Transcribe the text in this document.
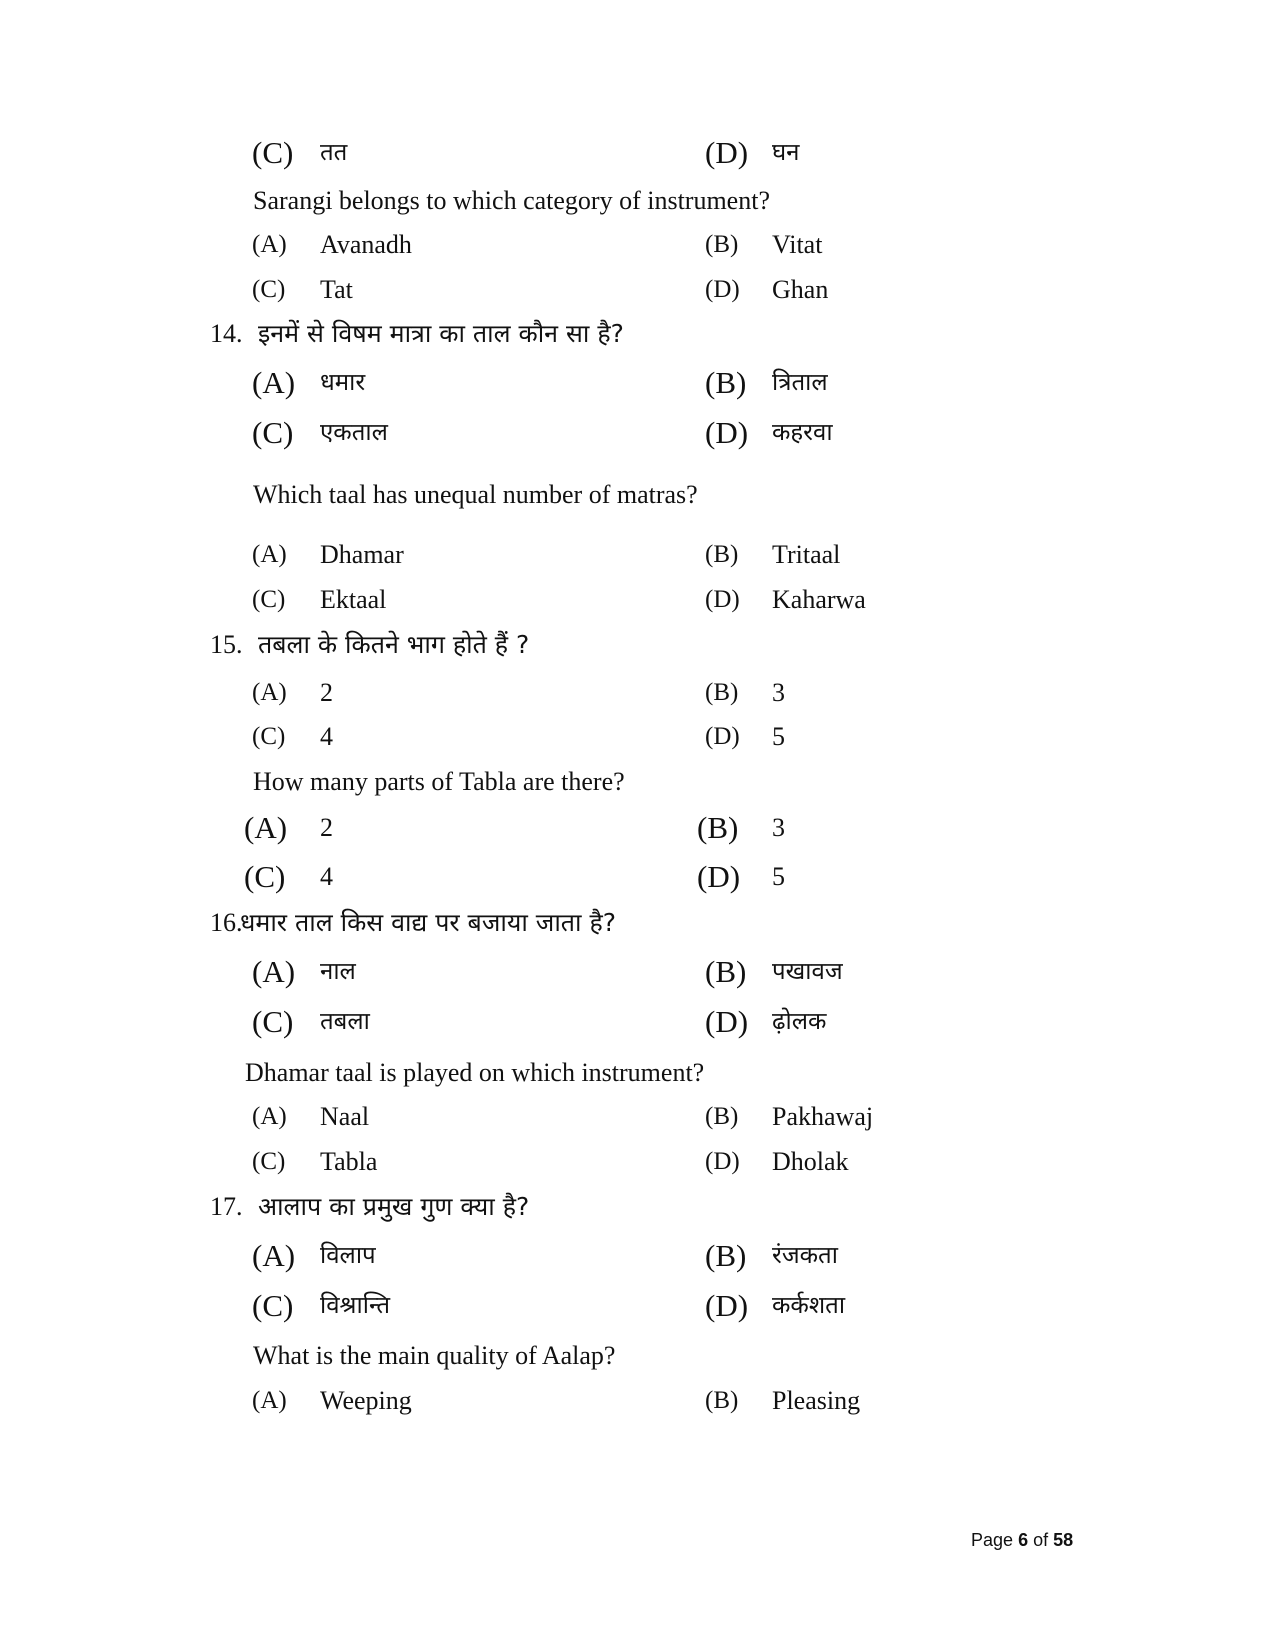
(C) तत	(D) घन
Sarangi belongs to which category of instrument?
(A) Avanadh	(B) Vitat
(C) Tat	(D) Ghan
14. इनमें से विषम मात्रा का ताल कौन सा है?
(A) धमार	(B) त्रिताल
(C) एकताल	(D) कहरवा
Which taal has unequal number of matras?
(A) Dhamar	(B) Tritaal
(C) Ektaal	(D) Kaharwa
15. तबला के कितने भाग होते हैं ?
(A) 2	(B) 3
(C) 4	(D) 5
How many parts of Tabla are there?
(A) 2	(B) 3
(C) 4	(D) 5
16.
धमार ताल किस वाद्य पर बजाया जाता है?
(A) नाल	(B) पखावज
(C) तबला	(D) ढ़ोलक
Dhamar taal is played on which instrument?
(A) Naal	(B) Pakhawaj
(C) Tabla	(D) Dholak
17. आलाप का प्रमुख गुण क्या है?
(A) विलाप	(B) रंजकता
(C) विश्रान्ति	(D) कर्कशता
What is the main quality of Aalap?
(A) Weeping	(B) Pleasing
Page 6 of 58
